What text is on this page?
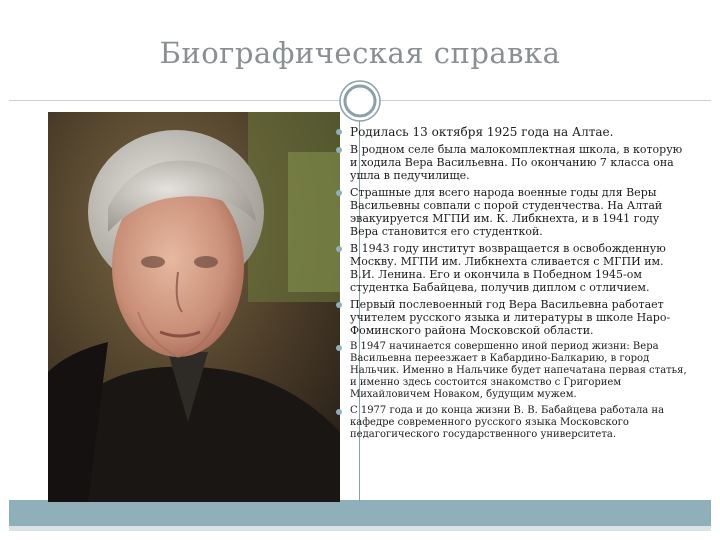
Биографическая справка
Родилась 13 октября 1925 года на Алтае.
В родном селе была малокомплектная школа, в которую и ходила Вера Васильевна. По окончанию 7 класса она ушла в педучилище.
Страшные для всего народа военные годы для Веры Васильевны совпали с порой студенчества. На Алтай эвакуируется МГПИ им. К. Либкнехта, и в 1941 году Вера становится его студенткой.
В 1943 году институт возвращается в освобожденную Москву. МГПИ им. Либкнехта сливается с МГПИ им. В.И. Ленина. Его и окончила в Победном 1945-ом студентка Бабайцева, получив диплом с отличием.
Первый послевоенный год Вера Васильевна работает учителем русского языка и литературы в школе Наро-Фоминского района Московской области.
В 1947 начинается совершенно иной период жизни: Вера Васильевна переезжает в Кабардино-Балкарию, в город Нальчик. Именно в Нальчике будет напечатана первая статья, и именно здесь состоится знакомство с Григорием Михайловичем Новаком, будущим мужем.
С 1977 года и до конца жизни В. В. Бабайцева работала на кафедре современного русского языка Московского педагогического государственного университета.
